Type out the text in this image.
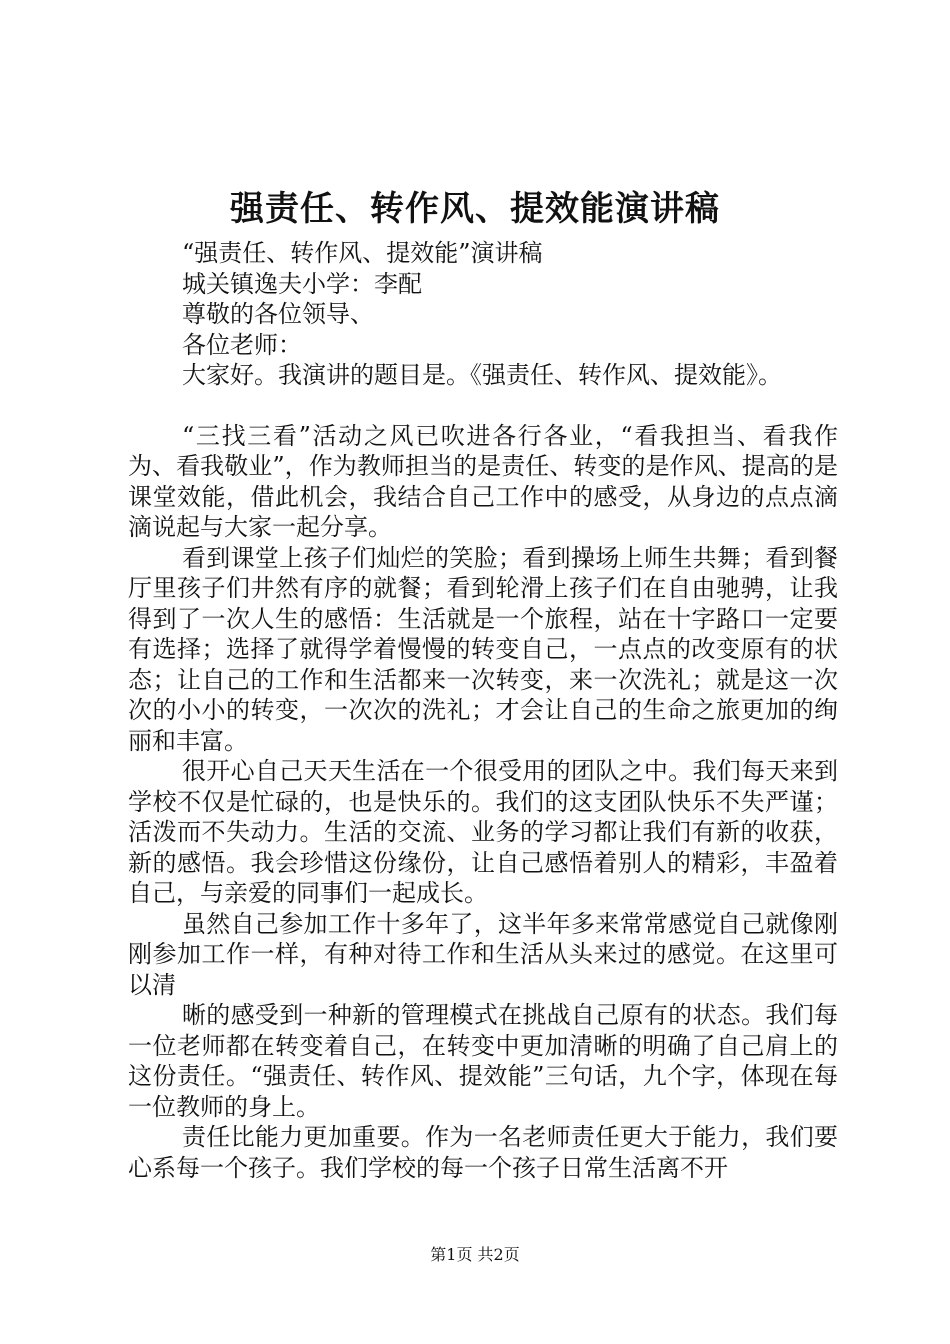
强责任、转作风、提效能演讲稿
“强责任、转作风、提效能”演讲稿
城关镇逸夫小学：李配
尊敬的各位领导、
各位老师：
大家好。我演讲的题目是。《强责任、转作风、提效能》。

“三找三看”活动之风已吹进各行各业，“看我担当、看我作为、看我敬业”，作为教师担当的是责任、转变的是作风、提高的是课堂效能，借此机会，我结合自己工作中的感受，从身边的点点滴滴说起与大家一起分享。

看到课堂上孩子们灿烂的笑脸；看到操场上师生共舞；看到餐厅里孩子们井然有序的就餐；看到轮滑上孩子们在自由驰骋，让我得到了一次人生的感悟：生活就是一个旅程，站在十字路口一定要有选择；选择了就得学着慢慢的转变自己，一点点的改变原有的状态；让自己的工作和生活都来一次转变，来一次洗礼；就是这一次次的小小的转变，一次次的洗礼；才会让自己的生命之旅更加的绚丽和丰富。

很开心自己天天生活在一个很受用的团队之中。我们每天来到学校不仅是忙碌的，也是快乐的。我们的这支团队快乐不失严谨；活泼而不失动力。生活的交流、业务的学习都让我们有新的收获，新的感悟。我会珍惜这份缘份，让自己感悟着别人的精彩，丰盈着自己，与亲爱的同事们一起成长。

虽然自己参加工作十多年了，这半年多来常常感觉自己就像刚刚参加工作一样，有种对待工作和生活从头来过的感觉。在这里可以清

晰的感受到一种新的管理模式在挑战自己原有的状态。我们每一位老师都在转变着自己，在转变中更加清晰的明确了自己肩上的这份责任。“强责任、转作风、提效能”三句话，九个字，体现在每一位教师的身上。

责任比能力更加重要。作为一名老师责任更大于能力，我们要心系每一个孩子。我们学校的每一个孩子日常生活离不开

第1页 共2页
